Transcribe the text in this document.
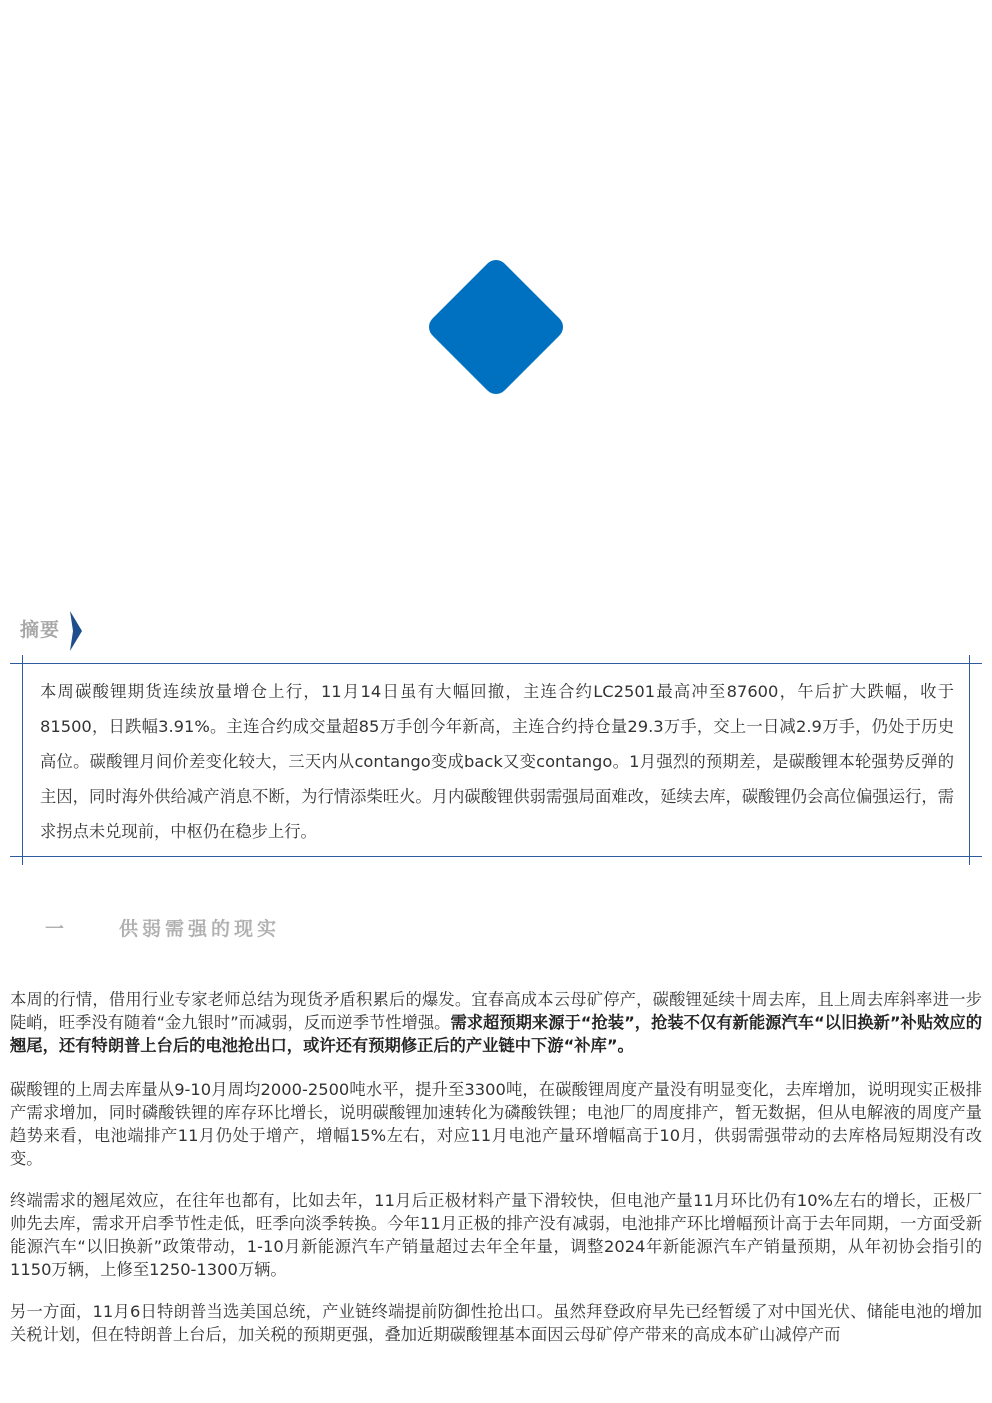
摘要

本周碳酸锂期货连续放量增仓上行，11月14日虽有大幅回撤，主连合约LC2501最高冲至87600，午后扩大跌幅，收于81500，日跌幅3.91%。主连合约成交量超85万手创今年新高，主连合约持仓量29.3万手，交上一日减2.9万手，仍处于历史高位。碳酸锂月间价差变化较大，三天内从contango变成back又变contango。1月强烈的预期差，是碳酸锂本轮强势反弹的主因，同时海外供给减产消息不断，为行情添柴旺火。月内碳酸锂供弱需强局面难改，延续去库，碳酸锂仍会高位偏强运行，需求拐点未兑现前，中枢仍在稳步上行。

一	供弱需强的现实

本周的行情，借用行业专家老师总结为现货矛盾积累后的爆发。宜春高成本云母矿停产，碳酸锂延续十周去库，且上周去库斜率进一步陡峭，旺季没有随着“金九银时”而减弱，反而逆季节性增强。需求超预期来源于“抢装”，抢装不仅有新能源汽车“以旧换新”补贴效应的翘尾，还有特朗普上台后的电池抢出口，或许还有预期修正后的产业链中下游“补库”。

碳酸锂的上周去库量从9-10月周均2000-2500吨水平，提升至3300吨，在碳酸锂周度产量没有明显变化，去库增加，说明现实正极排产需求增加，同时磷酸铁锂的库存环比增长，说明碳酸锂加速转化为磷酸铁锂；电池厂的周度排产，暂无数据，但从电解液的周度产量趋势来看，电池端排产11月仍处于增产，增幅15%左右，对应11月电池产量环增幅高于10月，供弱需强带动的去库格局短期没有改变。

终端需求的翘尾效应，在往年也都有，比如去年，11月后正极材料产量下滑较快，但电池产量11月环比仍有10%左右的增长，正极厂帅先去库，需求开启季节性走低，旺季向淡季转换。今年11月正极的排产没有减弱，电池排产环比增幅预计高于去年同期，一方面受新能源汽车“以旧换新”政策带动，1-10月新能源汽车产销量超过去年全年量，调整2024年新能源汽车产销量预期，从年初协会指引的1150万辆，上修至1250-1300万辆。

另一方面，11月6日特朗普当选美国总统，产业链终端提前防御性抢出口。虽然拜登政府早先已经暂缓了对中国光伏、储能电池的增加关税计划，但在特朗普上台后，加关税的预期更强，叠加近期碳酸锂基本面因云母矿停产带来的高成本矿山减停产而
